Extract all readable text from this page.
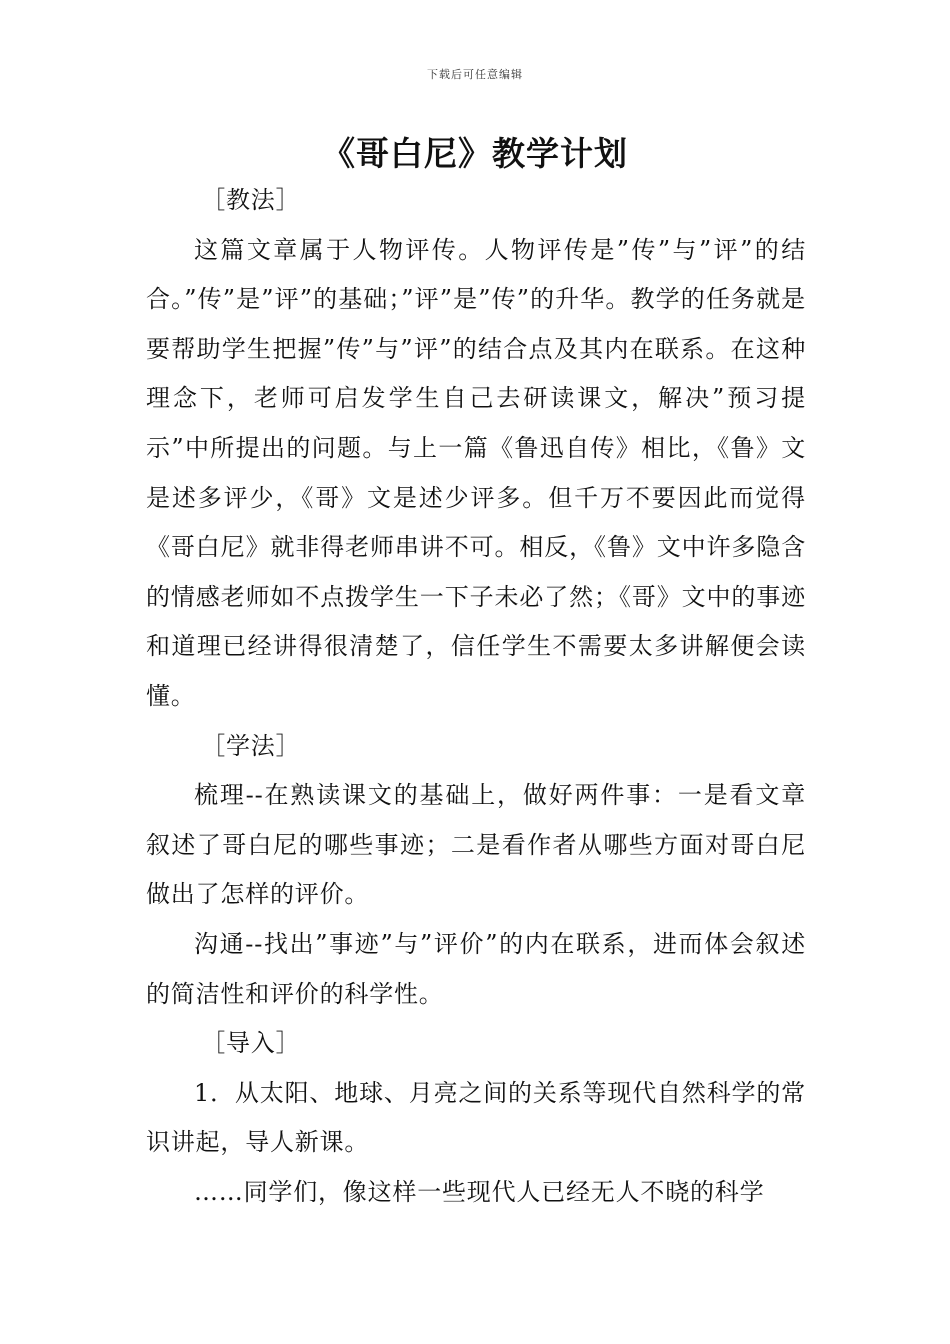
下载后可任意编辑
《哥白尼》教学计划

［教法］

这篇文章属于人物评传。人物评传是”传”与”评”的结合。”传”是”评”的基础；”评”是”传”的升华。教学的任务就是要帮助学生把握”传”与”评”的结合点及其内在联系。在这种理念下，老师可启发学生自己去研读课文，解决”预习提示”中所提出的问题。与上一篇《鲁迅自传》相比，《鲁》文是述多评少，《哥》文是述少评多。但千万不要因此而觉得《哥白尼》就非得老师串讲不可。相反，《鲁》文中许多隐含的情感老师如不点拨学生一下子未必了然；《哥》文中的事迹和道理已经讲得很清楚了，信任学生不需要太多讲解便会读懂。

［学法］

梳理--在熟读课文的基础上，做好两件事：一是看文章叙述了哥白尼的哪些事迹；二是看作者从哪些方面对哥白尼做出了怎样的评价。

沟通--找出”事迹”与”评价”的内在联系，进而体会叙述的简洁性和评价的科学性。

［导入］

1．从太阳、地球、月亮之间的关系等现代自然科学的常识讲起，导人新课。

……同学们，像这样一些现代人已经无人不晓的科学
